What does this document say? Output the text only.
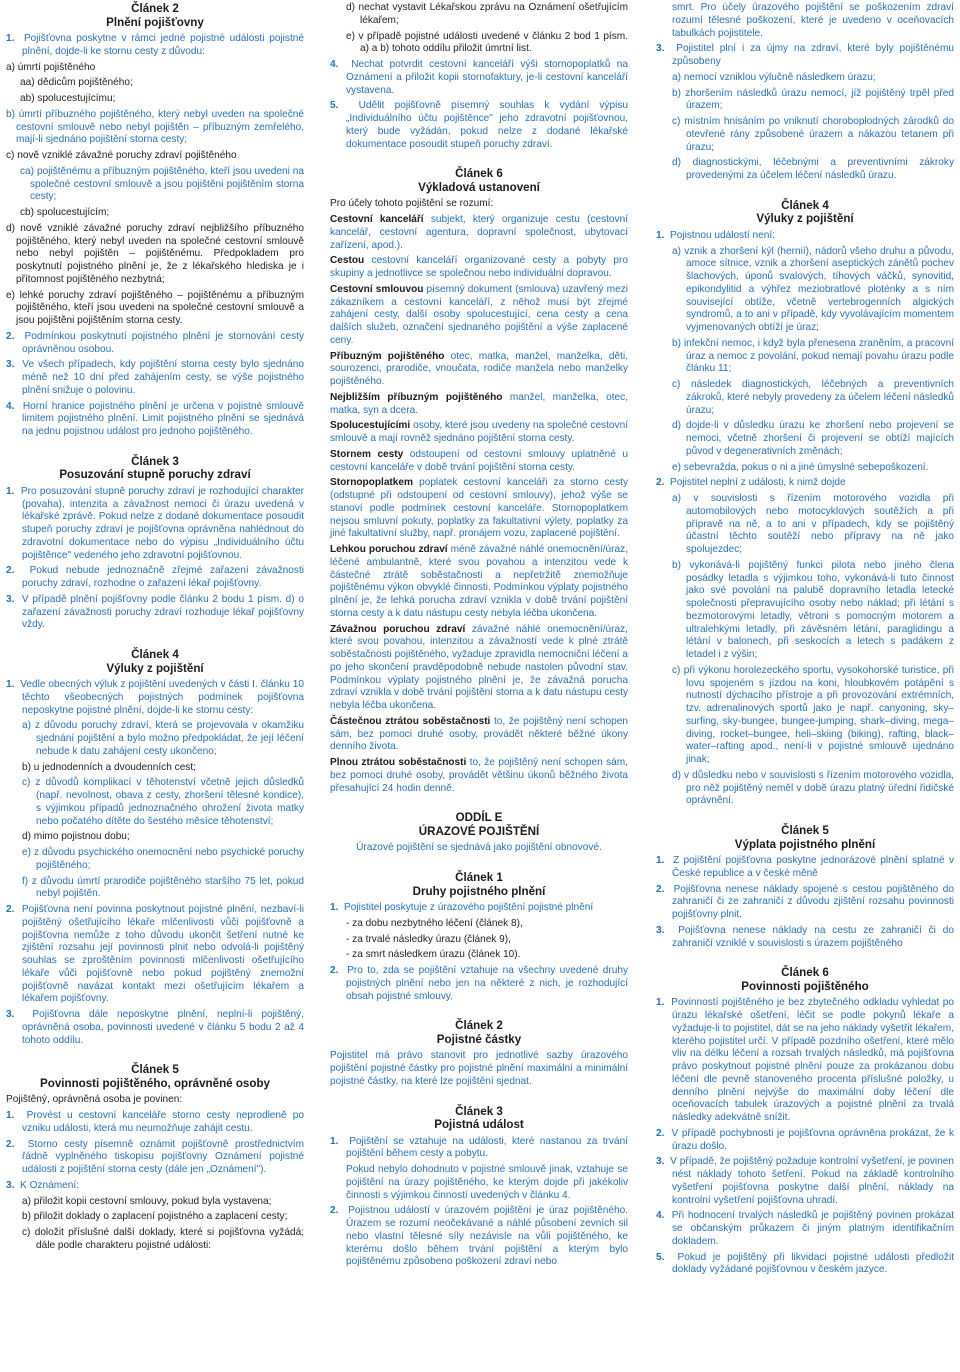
Článek 2
Plnění pojišťovny

1.  Pojišťovna poskytne v rámci jedné pojistné události pojistné plnění, dojde-li ke stornu cesty z důvodu:

a) úmrtí pojištěného

aa) dědicům pojištěného;

ab) spolucestujícímu;

b) úmrtí příbuzného pojištěného, který nebyl uveden na společné cestovní smlouvě nebo nebyl pojištěn – příbuzným zemřelého, mají-li sjednáno pojištění storna cesty;

c) nově vzniklé závažné poruchy zdraví pojištěného

ca) pojištěnému a příbuzným pojištěného, kteří jsou uvedeni na společné cestovní smlouvě a jsou pojištěni pojištěním storna cesty;

cb) spolucestujícím;

d) nově vzniklé závažné poruchy zdraví nejbližšího příbuzného pojištěného, který nebyl uveden na společné cestovní smlouvě nebo nebyl pojištěn – pojištěnému. Předpokladem pro poskytnutí pojistného plnění je, že z lékařského hlediska je i přítomnost pojištěného nezbytná;

e) lehké poruchy zdraví pojištěného – pojištěnému a příbuzným pojištěného, kteří jsou uvedeni na společné cestovní smlouvě a jsou pojištěni pojištěním storna cesty.

2.  Podmínkou poskytnutí pojistného plnění je stornování cesty oprávněnou osobou.

3.  Ve všech případech, kdy pojištění storna cesty bylo sjednáno méně než 10 dní před zahájením cesty, se výše pojistného plnění snižuje o polovinu.

4.  Horní hranice pojistného plnění je určena v pojistné smlouvě limitem pojistného plnění. Limit pojistného plnění se sjednává na jednu pojistnou událost pro jednoho pojištěného.

Článek 3
Posuzování stupně poruchy zdraví

1.  Pro posuzování stupně poruchy zdraví je rozhodující charakter (povaha), intenzita a závažnost nemoci či úrazu uvedená v lékařské zprávě. Pokud nelze z dodané dokumentace posoudit stupeň poruchy zdraví je pojišťovna oprávněna nahlédnout do zdravotní dokumentace nebo do výpisu „Individuálního účtu pojištěnce" vedeného jeho zdravotní pojišťovnou.

2.  Pokud nebude jednoznačně zřejmé zařazení závažnosti poruchy zdraví, rozhodne o zařazení lékař pojišťovny.

3.  V případě plnění pojišťovny podle článku 2 bodu 1 písm. d) o zařazení závažnosti poruchy zdraví rozhoduje lékař pojišťovny vždy.

Článek 4
Výluky z pojištění

1.  Vedle obecných výluk z pojištění uvedených v části I. článku 10 těchto všeobecných pojistných podmínek pojišťovna neposkytne pojistné plnění, dojde-li ke stornu cesty:

a) z důvodu poruchy zdraví, která se projevovala v okamžiku sjednání pojištění a bylo možno předpokládat, že její léčení nebude k datu zahájení cesty ukončeno;

b) u jednodenních a dvoudenních cest;

c) z důvodů komplikací v těhotenství včetně jejich důsledků (např. nevolnost, obava z cesty, zhoršení tělesné kondice), s výjimkou případů jednoznačného ohrožení života matky nebo počatého dítěte do šestého měsíce těhotenství;

d) mimo pojistnou dobu;

e) z důvodu psychického onemocnění nebo psychické poruchy pojištěného;

f) z důvodu úmrtí prarodiče pojištěného staršího 75 let, pokud nebyl pojištěn.

2.  Pojišťovna není povinna poskytnout pojistné plnění, nezbaví-li pojištěný ošetřujícího lékaře mlčenlivosti vůči pojišťovně a pojišťovna nemůže z toho důvodu ukončit šetření nutné ke zjištění rozsahu její povinnosti plnit nebo odvolá-li pojištěný souhlas se zproštěním povinnosti mlčenlivosti ošetřujícího lékaře vůči pojišťovně nebo pokud pojištěný znemožní pojišťovně navázat kontakt mezi ošetřujícím lékařem a lékařem pojišťovny.

3.  Pojišťovna dále neposkytne plnění, neplní-li pojištěný, oprávněná osoba, povinnosti uvedené v článku 5 bodu 2 až 4 tohoto oddílu.

Článek 5
Povinnosti pojištěného, oprávněné osoby

Pojištěný, oprávněná osoba je povinen:

1.  Provést u cestovní kanceláře storno cesty neprodleně po vzniku události, která mu neumožňuje zahájit cestu.

2.  Storno cesty písemně oznámit pojišťovně prostřednictvím řádně vyplněného tiskopisu pojišťovny Oznámení pojistné události z pojištění storna cesty (dále jen „Oznámení").

3.  K Oznámení:

a) přiložit kopii cestovní smlouvy, pokud byla vystavena;

b) přiložit doklady o zaplacení pojistného a zaplacení cesty;

c) doložit příslušné další doklady, které si pojišťovna vyžádá; dále podle charakteru pojistné události:

d) nechat vystavit Lékařskou zprávu na Oznámení ošetřujícím lékařem;

e) v případě pojistné události uvedené v článku 2 bod 1 písm. a) a b) tohoto oddílu přiložit úmrtní list.

4.  Nechat potvrdit cestovní kanceláří výši stornopoplatků na Oznámení a přiložit kopii stornofaktury, je-li cestovní kanceláří vystavena.

5.  Udělit pojišťovně písemný souhlas k vydání výpisu „Individuálního účtu pojištěnce" jeho zdravotní pojišťovnou, který bude vyžádán, pokud nelze z dodané lékařské dokumentace posoudit stupeň poruchy zdraví.

Článek 6
Výkladová ustanovení

Pro účely tohoto pojištění se rozumí:

Cestovní kanceláří subjekt, který organizuje cestu (cestovní kancelář, cestovní agentura, dopravní společnost, ubytovací zařízení, apod.).

Cestou cestovní kanceláří organizované cesty a pobyty pro skupiny a jednotlivce se společnou nebo individuální dopravou.

Cestovní smlouvou písemný dokument (smlouva) uzavřený mezi zákazníkem a cestovní kanceláří, z něhož musí být zřejmé zahájení cesty, další osoby spolucestující, cena cesty a cena dalších služeb, označení sjednaného pojištění a výše zaplacené ceny.

Příbuzným pojištěného otec, matka, manžel, manželka, děti, sourozenci, prarodiče, vnoučata, rodiče manžela nebo manželky pojištěného.

Nejbližším příbuzným pojištěného manžel, manželka, otec, matka, syn a dcera.

Spolucestujícími osoby, které jsou uvedeny na společné cestovní smlouvě a mají rovněž sjednáno pojištění storna cesty.

Stornem cesty odstoupení od cestovní smlouvy uplatněné u cestovní kanceláře v době trvání pojištění storna cesty.

Stornopoplatkem poplatek cestovní kanceláři za storno cesty (odstupné při odstoupení od cestovní smlouvy), jehož výše se stanoví podle podmínek cestovní kanceláře. Stornopoplatkem nejsou smluvní pokuty, poplatky za fakultativní výlety, poplatky za jiné fakultativní služby, např. pronájem vozu, zaplacené pojištění.

Lehkou poruchou zdraví méně závažné náhlé onemocnění/úraz, léčené ambulantně, které svou povahou a intenzitou vede k částečné ztrátě soběstačnosti a nepřetržitě znemožňuje pojištěnému výkon obvyklé činnosti. Podmínkou výplaty pojistného plnění je, že lehká porucha zdraví vznikla v době trvání pojištění storna cesty a k datu nástupu cesty nebyla léčba ukončena.

Závažnou poruchou zdraví závažné náhlé onemocnění/úraz, které svou povahou, intenzitou a závažností vede k plné ztrátě soběstačnosti pojištěného, vyžaduje zpravidla nemocniční léčení a po jeho skončení pravděpodobně nebude nastolen původní stav. Podmínkou výplaty pojistného plnění je, že závažná porucha zdraví vznikla v době trvání pojištění storna a k datu nástupu cesty nebyla léčba ukončena.

Částečnou ztrátou soběstačnosti to, že pojištěný není schopen sám, bez pomoci druhé osoby, provádět některé běžné úkony denního života.

Plnou ztrátou soběstačnosti to, že pojištěný není schopen sám, bez pomoci druhé osoby, provádět většinu úkonů běžného života přesahující 24 hodin denně.

ODDÍL E
ÚRAZOVÉ POJIŠTĚNÍ

Úrazové pojištění se sjednává jako pojištění obnovové.

Článek 1
Druhy pojistného plnění

1.  Pojistitel poskytuje z úrazového pojištění pojistné plnění

- za dobu nezbytného léčení (článek 8),

- za trvalé následky úrazu (článek 9),

- za smrt následkem úrazu (článek 10).

2.  Pro to, zda se pojištění vztahuje na všechny uvedené druhy pojistných plnění nebo jen na některé z nich, je rozhodující obsah pojistné smlouvy.

Článek 2
Pojistné částky

Pojistitel má právo stanovit pro jednotlivé sazby úrazového pojištění pojistné částky pro pojistné plnění maximální a minimální pojistné částky, na které lze pojištění sjednat.

Článek 3
Pojistná událost

1.  Pojištění se vztahuje na události, které nastanou za trvání pojištění během cesty a pobytu.

Pokud nebylo dohodnuto v pojistné smlouvě jinak, vztahuje se pojištění na úrazy pojištěného, ke kterým dojde při jakékoliv činnosti s výjimkou činností uvedených v článku 4.

2.  Pojistnou událostí v úrazovém pojištění je úraz pojištěného. Úrazem se rozumí neočekávané a náhlé působení zevních sil nebo vlastní tělesné síly nezávisle na vůli pojištěného, ke kterému došlo během trvání pojištění a kterým bylo pojištěnému způsobeno poškození zdraví nebo

smrt. Pro účely úrazového pojištění se poškozením zdraví rozumí tělesné poškození, které je uvedeno v oceňovacích tabulkách pojistitele.

3.  Pojistitel plní i za újmy na zdraví, které byly pojištěnému způsobeny

a) nemocí vzniklou výlučně následkem úrazu;

b) zhoršením následků úrazu nemocí, jíž pojištěný trpěl před úrazem;

c) místním hnisáním po vniknutí choroboplodných zárodků do otevřené rány způsobené úrazem a nákazou tetanem při úrazu;

d) diagnostickými, léčebnými a preventivními zákroky provedenými za účelem léčení následků úrazu.

Článek 4
Výluky z pojištění

1.  Pojistnou událostí není:

a) vznik a zhoršení kýl (hernií), nádorů všeho druhu a původu, amoce sítnice, vznik a zhoršení aseptických zánětů pochev šlachových, úponů svalových, tíhových váčků, synovitid, epikondylitid a výhřez meziobratlové ploténky a s ním související obtíže, včetně vertebrogenních algických syndromů, a to ani v případě, kdy vyvolávajícím momentem vyjmenovaných obtíží je úraz;

b) infekční nemoc, i když byla přenesena zraněním, a pracovní úraz a nemoc z povolání, pokud nemají povahu úrazu podle článku 11;

c) následek diagnostických, léčebných a preventivních zákroků, které nebyly provedeny za účelem léčení následků úrazu;

d) dojde-li v důsledku úrazu ke zhoršení nebo projevení se nemoci, včetně zhoršení či projevení se obtíží majících původ v degenerativních změnách;

e) sebevražda, pokus o ni a jiné úmyslné sebepoškození.

2.  Pojistitel neplní z události, k nimž dojde

a) v souvislosti s řízením motorového vozidla při automobilových nebo motocyklových soutěžích a při přípravě na ně, a to ani v případech, kdy se pojištěný účastní těchto soutěží nebo přípravy na ně jako spolujezdec;

b) vykonává-li pojištěný funkci pilota nebo jiného člena posádky letadla s výjimkou toho, vykonává-li tuto činnost jako své povolání na palubě dopravního letadla letecké společnosti přepravujícího osoby nebo náklad; při létání s bezmotorovými letadly, větroni s pomocným motorem a ultralehkými letadly, při závěsném létání, paraglidingu a létání v balonech, při seskocích a letech s padákem z letadel i z výšin;

c) při výkonu horolezeckého sportu, vysokohorské turistice, při lovu spojeném s jízdou na koni, hloubkovém potápění s nutností dýchacího přístroje a při provozování extrémních, tzv. adrenalinových sportů jako je např. canyoning, sky–surfing, sky-bungee, bungee-jumping, shark–diving, mega–diving, rocket–bungee, heli–skiing (biking), rafting, black– water–rafting apod., není-li v pojistné smlouvě ujednáno jinak;

d) v důsledku nebo v souvislosti s řízením motorového vozidla, pro něž pojištěný neměl v době úrazu platný úřední řidičské oprávnění.

Článek 5
Výplata pojistného plnění

1.  Z pojištění pojišťovna poskytne jednorázové plnění splatné v České republice a v české měně

2.  Pojišťovna nenese náklady spojené s cestou pojištěného do zahraničí či ze zahraničí z důvodu zjištění rozsahu povinnosti pojišťovny plnit.

3.  Pojišťovna nenese náklady na cestu ze zahraničí či do zahraničí vzniklé v souvislosti s úrazem pojištěného

Článek 6
Povinnosti pojištěného

1.  Povinností pojištěného je bez zbytečného odkladu vyhledat po úrazu lékařské ošetření, léčit se podle pokynů lékaře a vyžaduje-li to pojistitel, dát se na jeho náklady vyšetřit lékařem, kterého pojistitel určí. V případě pozdního ošetření, které mělo vliv na délku léčení a rozsah trvalých následků, má pojišťovna právo poskytnout pojistné plnění pouze za prokázanou dobu léčení dle pevně stanoveného procenta příslušné položky, u denního plnění nejvýše do maximální doby léčení dle oceňovacích tabulek úrazových a pojistné plnění za trvalá následky adekvátně snížit.

2.  V případě pochybnosti je pojišťovna oprávněna prokázat, že k úrazu došlo.

3.  V případě, že pojištěný požaduje kontrolní vyšetření, je povinen nést náklady tohoto šetření. Pokud na základě kontrolního vyšetření pojišťovna poskytne další plnění, náklady na kontrolní vyšetření pojišťovna uhradí.

4.  Při hodnocení trvalých následků je pojištěný povinen prokázat se občanským průkazem či jiným platným identifikačním dokladem.

5.  Pokud je pojištěný při likvidaci pojistné události předložit doklady vyžádané pojišťovnou v českém jazyce.
